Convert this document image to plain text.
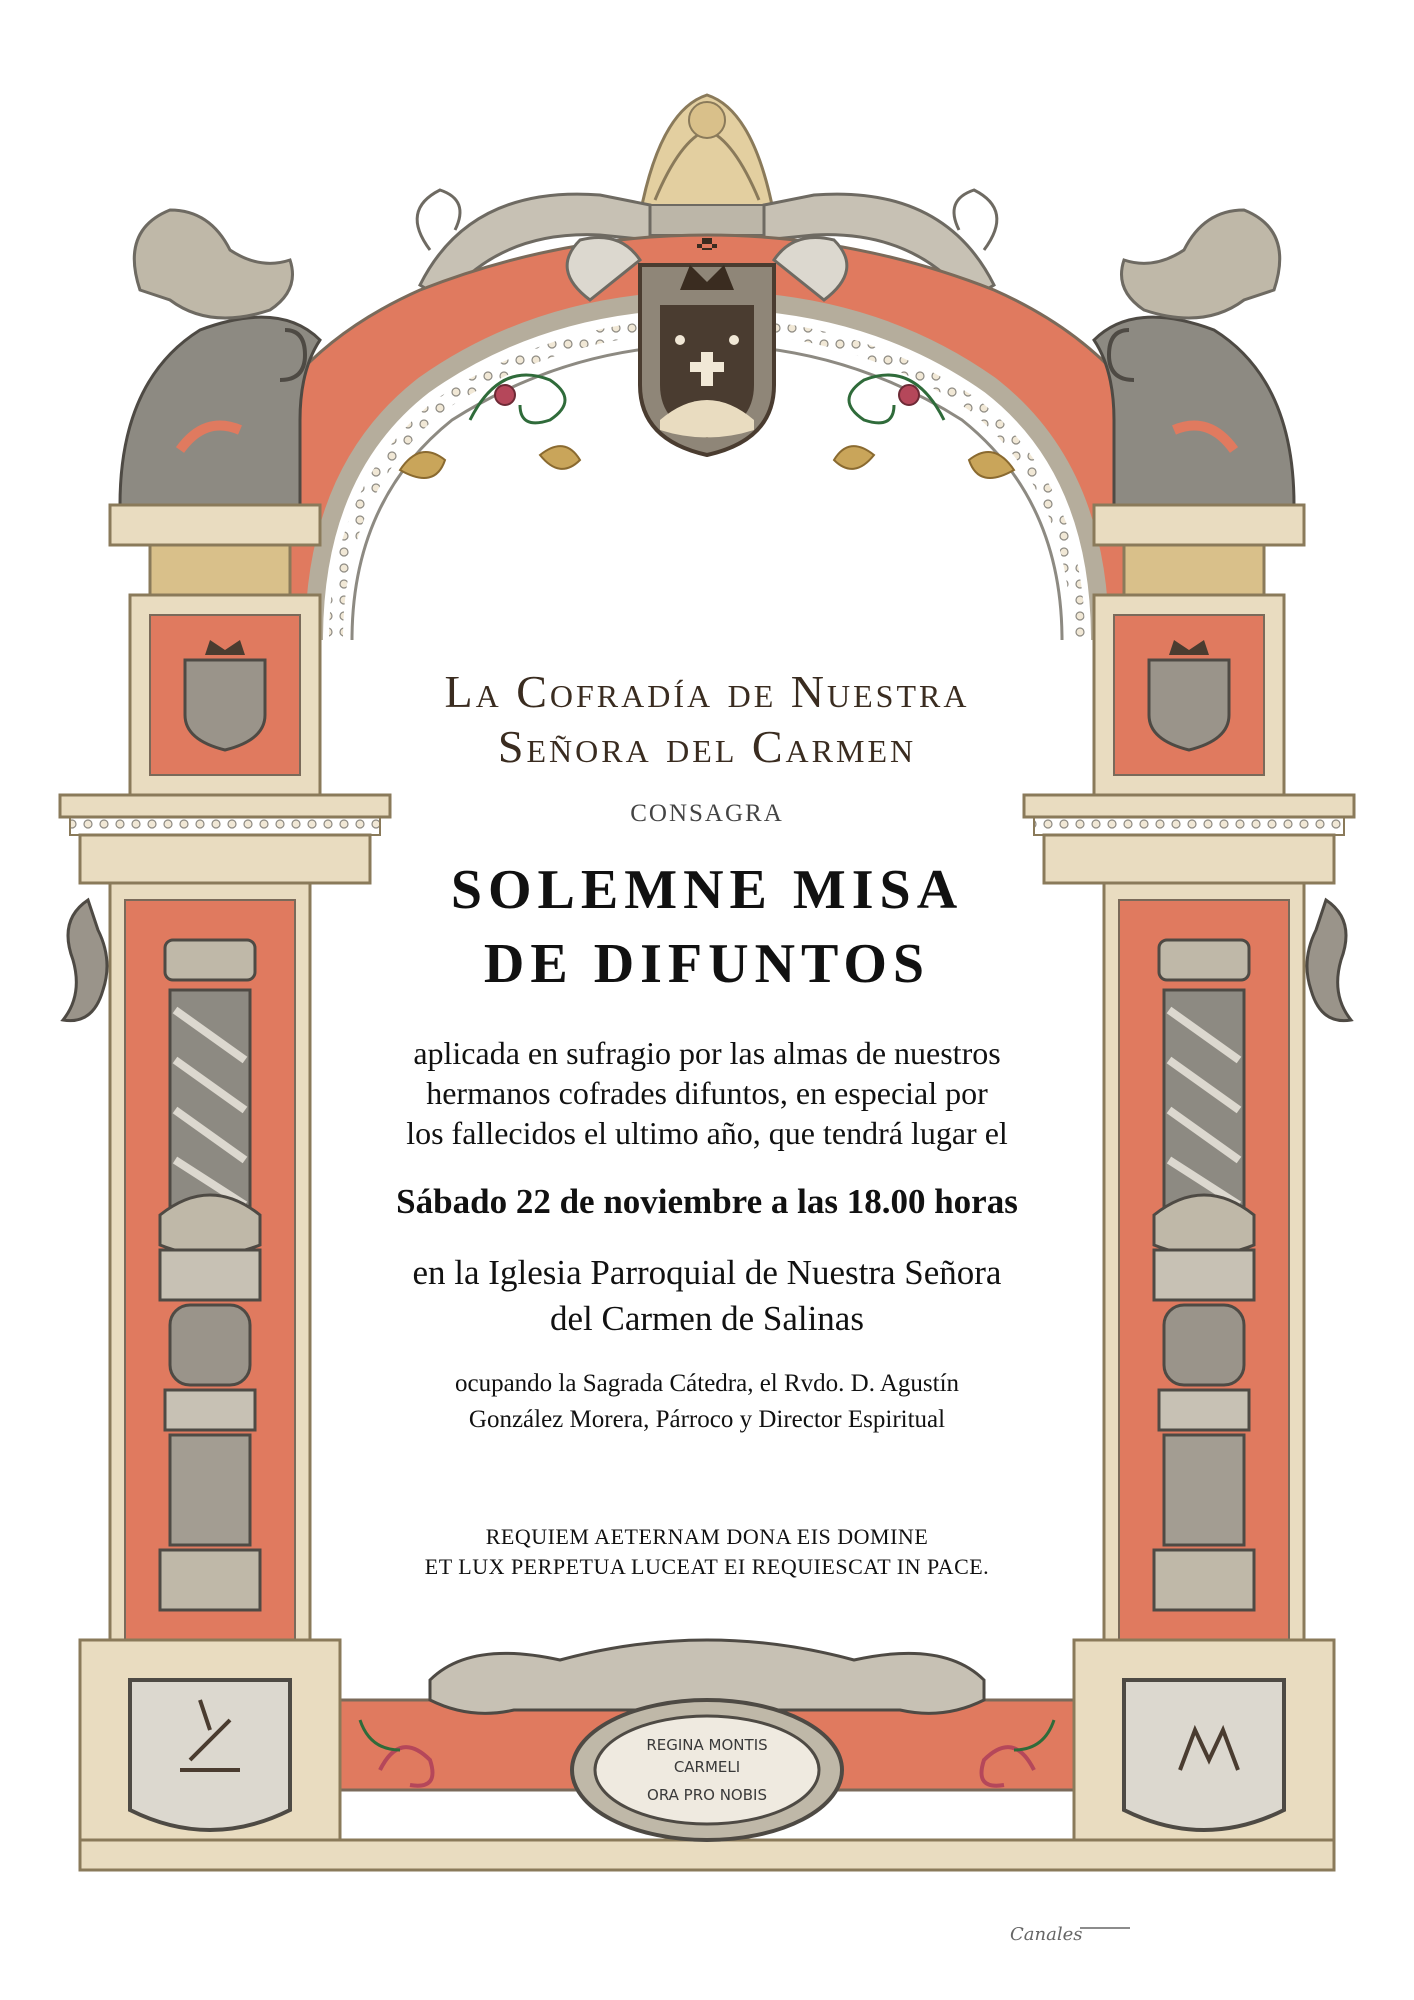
REGINA MONTIS
CARMELI
ORA PRO NOBIS
Canales
La Cofradía de Nuestra
Señora del Carmen
CONSAGRA
SOLEMNE MISA
DE DIFUNTOS
aplicada en sufragio por las almas de nuestros
hermanos cofrades difuntos, en especial por
los fallecidos el ultimo año, que tendrá lugar el
Sábado 22 de noviembre a las 18.00 horas
en la Iglesia Parroquial de Nuestra Señora
del Carmen de Salinas
ocupando la Sagrada Cátedra, el Rvdo. D. Agustín
González Morera, Párroco y Director Espiritual
REQUIEM AETERNAM DONA EIS DOMINE
ET LUX PERPETUA LUCEAT EI REQUIESCAT IN PACE.
